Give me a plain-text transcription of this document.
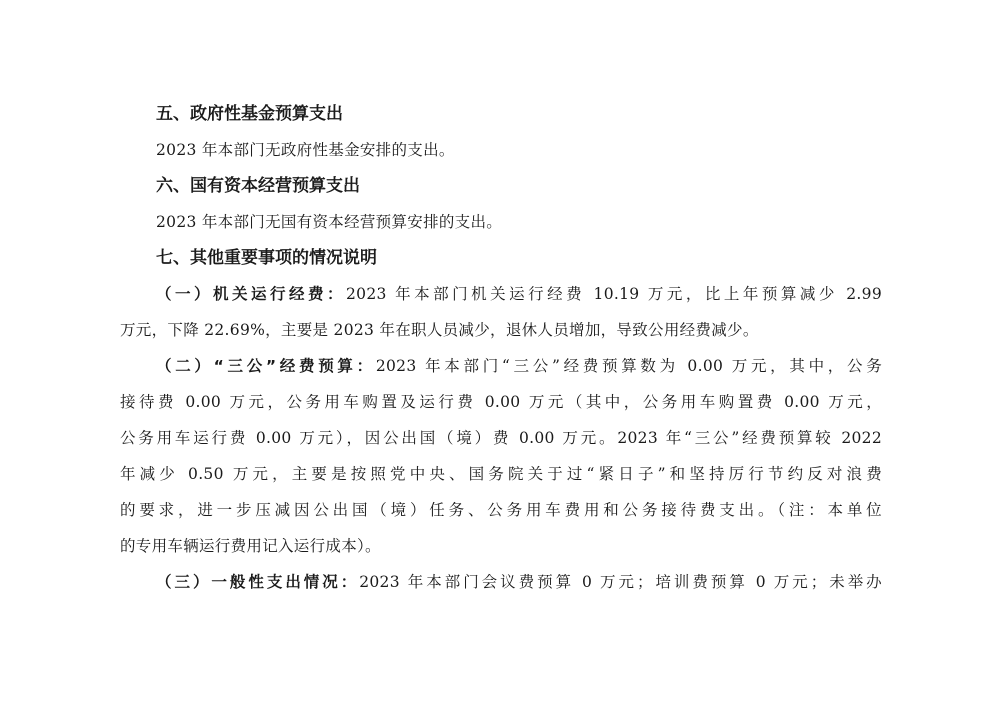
五、政府性基金预算支出
2023 年本部门无政府性基金安排的支出。
六、国有资本经营预算支出
2023 年本部门无国有资本经营预算安排的支出。
七、其他重要事项的情况说明
（一）机关运行经费：2023 年本部门机关运行经费 10.19 万元，比上年预算减少 2.99
万元，下降 22.69%，主要是 2023 年在职人员减少，退休人员增加，导致公用经费减少。
（二）“三公”经费预算：2023 年本部门“三公”经费预算数为 0.00 万元，其中，公务
接待费 0.00 万元，公务用车购置及运行费 0.00 万元（其中，公务用车购置费 0.00 万元，
公务用车运行费 0.00 万元），因公出国（境）费 0.00 万元。2023 年“三公”经费预算较 2022
年减少 0.50 万元，主要是按照党中央、国务院关于过“紧日子”和坚持厉行节约反对浪费
的要求，进一步压减因公出国（境）任务、公务用车费用和公务接待费支出。（注：本单位
的专用车辆运行费用记入运行成本）。
（三）一般性支出情况：2023 年本部门会议费预算 0 万元；培训费预算 0 万元；未举办
